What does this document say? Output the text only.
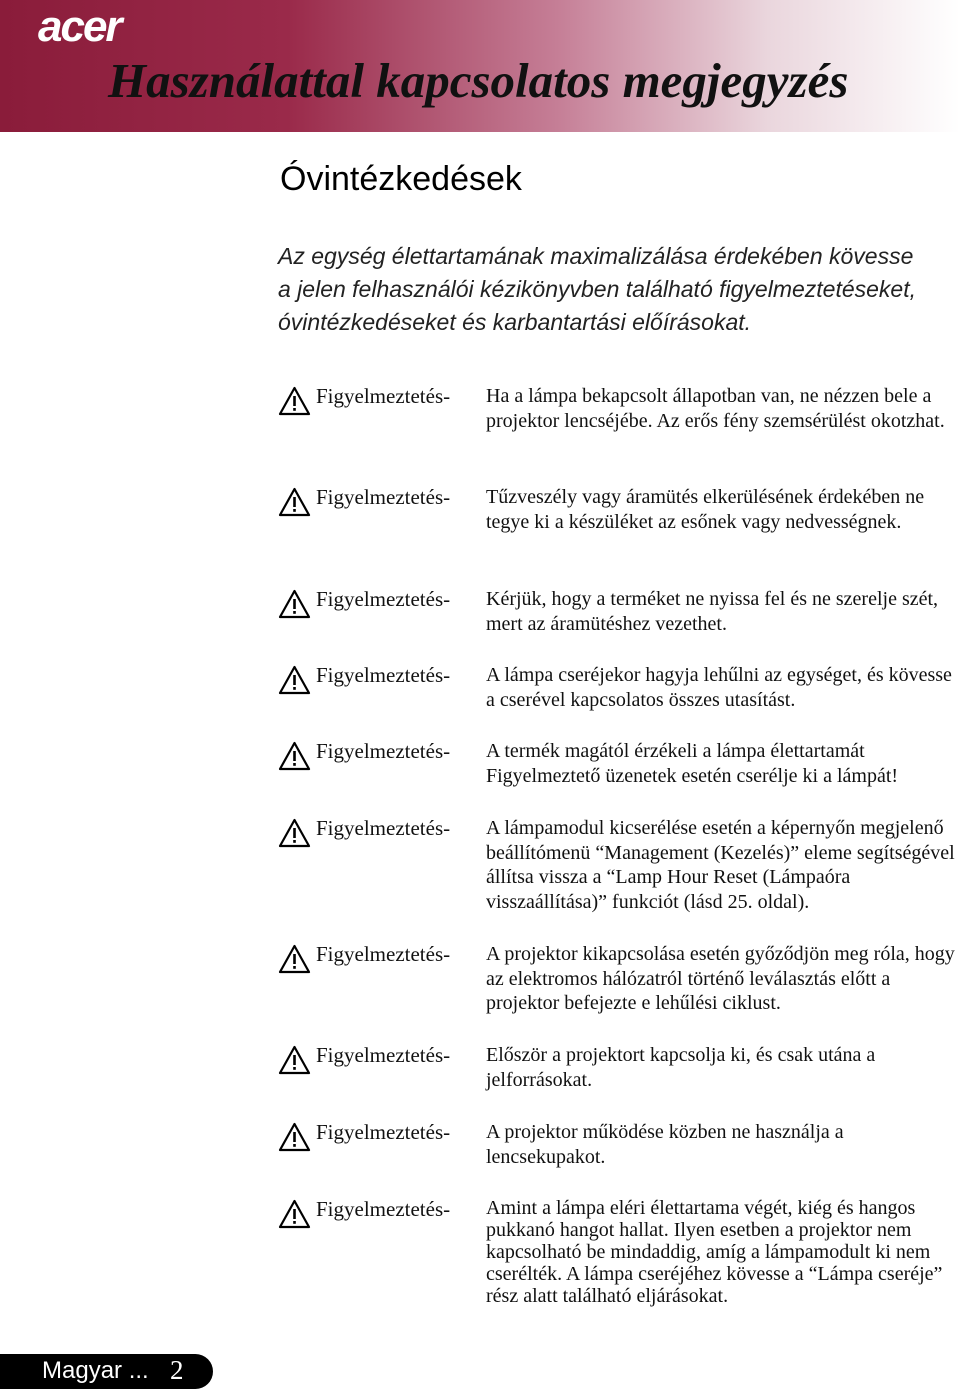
acer
Használattal kapcsolatos megjegyzés
Óvintézkedések

Az egység élettartamának maximalizálása érdekében kövesse a jelen felhasználói kézikönyvben található figyelmeztetéseket, óvintézkedéseket és karbantartási előírásokat.

Figyelmeztetés- Ha a lámpa bekapcsolt állapotban van, ne nézzen bele a projektor lencséjébe. Az erős fény szemsérülést okotzhat.
Figyelmeztetés- Tűzveszély vagy áramütés elkerülésének érdekében ne tegye ki a készüléket az esőnek vagy nedvességnek.
Figyelmeztetés- Kérjük, hogy a terméket ne nyissa fel és ne szerelje szét, mert az áramütéshez vezethet.
Figyelmeztetés- A lámpa cseréjekor hagyja lehűlni az egységet, és kövesse a cserével kapcsolatos összes utasítást.
Figyelmeztetés- A termék magától érzékeli a lámpa élettartamát Figyelmeztető üzenetek esetén cserélje ki a lámpát!
Figyelmeztetés- A lámpamodul kicserélése esetén a képernyőn megjelenő beállítómenü “Management (Kezelés)” eleme segítségével állítsa vissza a “Lamp Hour Reset (Lámpaóra visszaállítása)” funkciót (lásd 25. oldal).
Figyelmeztetés- A projektor kikapcsolása esetén győződjön meg róla, hogy az elektromos hálózatról történő leválasztás előtt a projektor befejezte e lehűlési ciklust.
Figyelmeztetés- Először a projektort kapcsolja ki, és csak utána a jelforrásokat.
Figyelmeztetés- A projektor működése közben ne használja a lencsekupakot.
Figyelmeztetés- Amint a lámpa eléri élettartama végét, kiég és hangos pukkanó hangot hallat. Ilyen esetben a projektor nem kapcsolható be mindaddig, amíg a lámpamodult ki nem cserélték. A lámpa cseréjéhez kövesse a “Lámpa cseréje” rész alatt található eljárásokat.
Magyar ... 2
